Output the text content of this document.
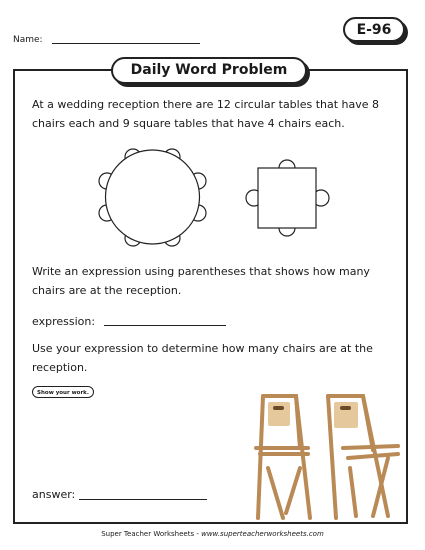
Name:
E-96
Daily Word Problem
At a wedding reception there are 12 circular tables that have 8 chairs each and 9 square tables that have 4 chairs each.
Write an expression using parentheses that shows how many chairs are at the reception.
expression:
Use your expression to determine how many chairs are at the reception.
Show your work.
answer:
Super Teacher Worksheets - www.superteacherworksheets.com
